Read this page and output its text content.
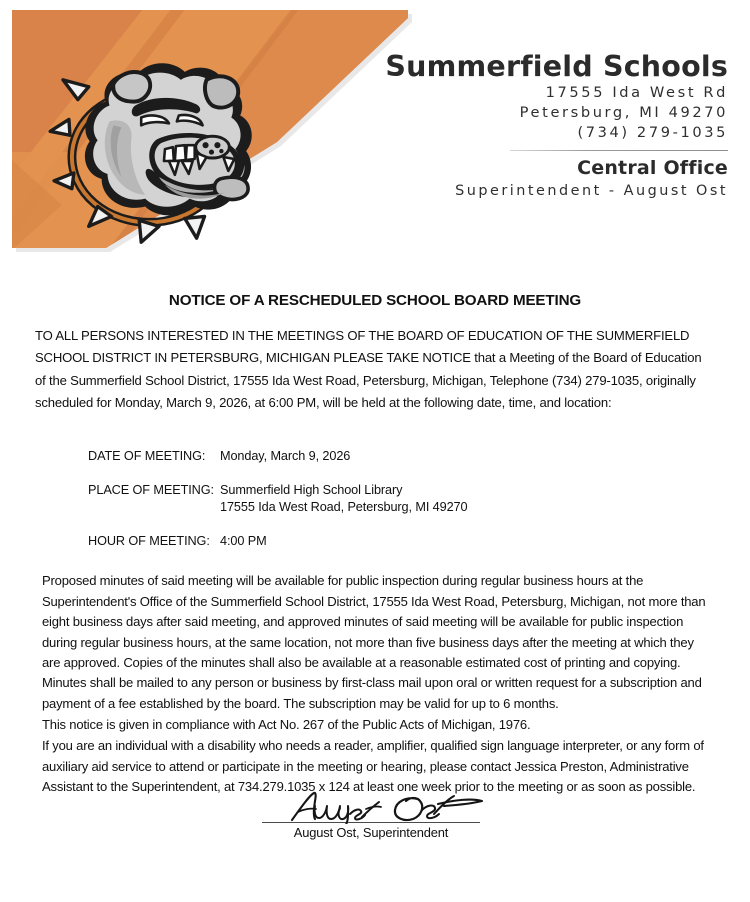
Summerfield Schools
17555 Ida West Rd
Petersburg, MI 49270
(734) 279-1035
Central Office
Superintendent - August Ost
NOTICE OF A RESCHEDULED SCHOOL BOARD MEETING
TO ALL PERSONS INTERESTED IN THE MEETINGS OF THE BOARD OF EDUCATION OF THE SUMMERFIELD SCHOOL DISTRICT IN PETERSBURG, MICHIGAN PLEASE TAKE NOTICE that a Meeting of the Board of Education of the Summerfield School District, 17555 Ida West Road, Petersburg, Michigan, Telephone (734) 279-1035, originally scheduled for Monday, March 9, 2026, at 6:00 PM, will be held at the following date, time, and location:
DATE OF MEETING:	Monday, March 9, 2026
PLACE OF MEETING: Summerfield High School Library
17555 Ida West Road, Petersburg, MI 49270
HOUR OF MEETING: 4:00 PM
Proposed minutes of said meeting will be available for public inspection during regular business hours at the Superintendent's Office of the Summerfield School District, 17555 Ida West Road, Petersburg, Michigan, not more than eight business days after said meeting, and approved minutes of said meeting will be available for public inspection during regular business hours, at the same location, not more than five business days after the meeting at which they are approved. Copies of the minutes shall also be available at a reasonable estimated cost of printing and copying.
Minutes shall be mailed to any person or business by first-class mail upon oral or written request for a subscription and payment of a fee established by the board. The subscription may be valid for up to 6 months.
This notice is given in compliance with Act No. 267 of the Public Acts of Michigan, 1976.
If you are an individual with a disability who needs a reader, amplifier, qualified sign language interpreter, or any form of auxiliary aid service to attend or participate in the meeting or hearing, please contact Jessica Preston, Administrative Assistant to the Superintendent, at 734.279.1035 x 124 at least one week prior to the meeting or as soon as possible.
August Ost, Superintendent
